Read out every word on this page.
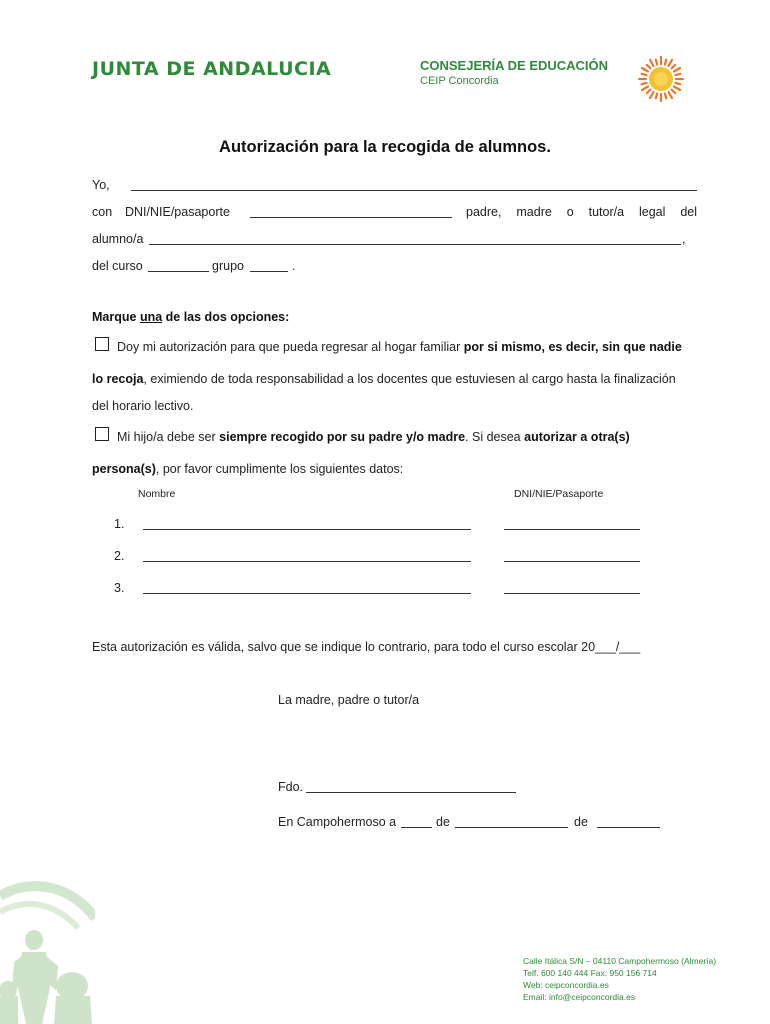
JUNTA DE ANDALUCIA	CONSEJERÍA DE EDUCACIÓN
CEIP Concordia
Autorización para la recogida de alumnos.
Yo,
con DNI/NIE/pasaporte	padre, madre o tutor/a legal del
alumno/a	,
del curso	grupo	.
Marque una de las dos opciones:
Doy mi autorización para que pueda regresar al hogar familiar por si mismo, es decir, sin que nadie
lo recoja, eximiendo de toda responsabilidad a los docentes que estuviesen al cargo hasta la finalización
del horario lectivo.
Mi hijo/a debe ser siempre recogido por su padre y/o madre. Si desea autorizar a otra(s)
persona(s), por favor cumplimente los siguientes datos:
Nombre	DNI/NIE/Pasaporte
1.
2.
3.
Esta autorización es válida, salvo que se indique lo contrario, para todo el curso escolar 20___/___
La madre, padre o tutor/a
Fdo.
En Campohermoso a	de	de
Calle Itálica S/N – 04110 Campohermoso (Almería)
Telf. 600 140 444 Fax: 950 156 714
Web: ceipconcordia.es
Email: info@ceipconcordia.es
